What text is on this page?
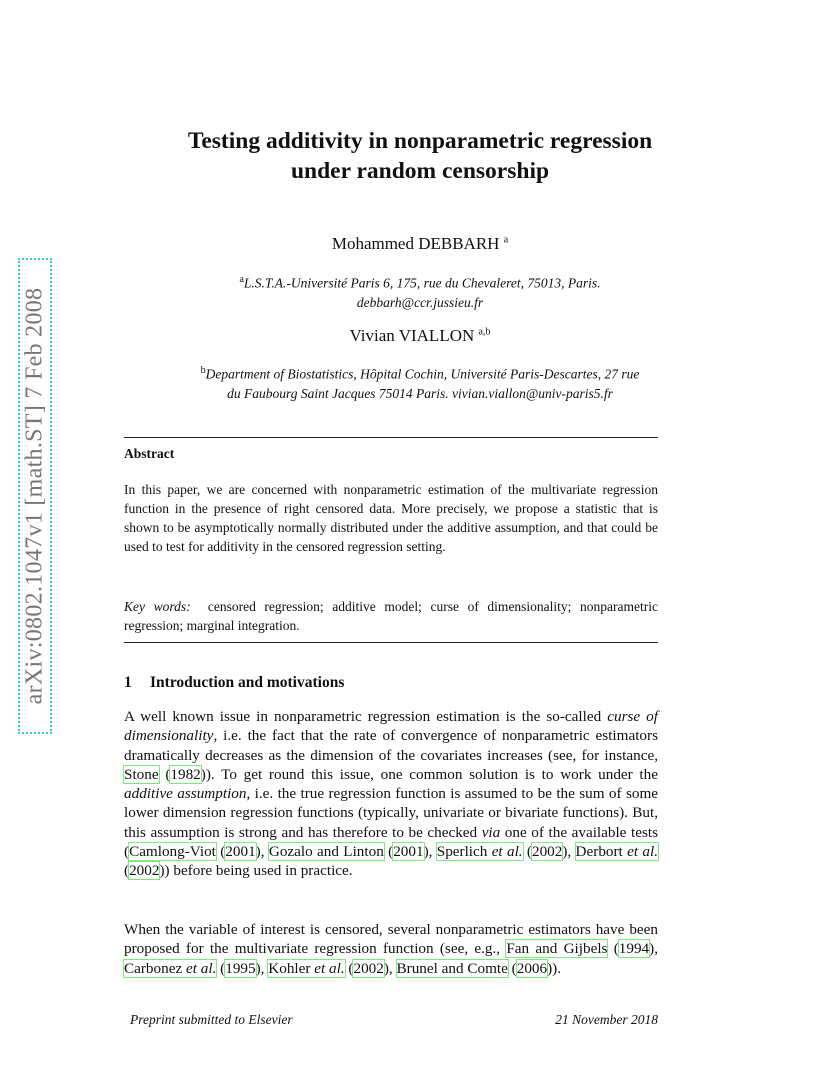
arXiv:0802.1047v1 [math.ST] 7 Feb 2008
Testing additivity in nonparametric regression
under random censorship
Mohammed DEBBARH $^a$
$^a$L.S.T.A.-Université Paris 6, 175, rue du Chevaleret, 75013, Paris.
debbarh@ccr.jussieu.fr
Vivian VIALLON $^{a,b}$
$^b$Department of Biostatistics, Hôpital Cochin, Université Paris-Descartes, 27 rue
du Faubourg Saint Jacques 75014 Paris. vivian.viallon@univ-paris5.fr
Abstract
In this paper, we are concerned with nonparametric estimation of the multivariate regression function in the presence of right censored data. More precisely, we propose a statistic that is shown to be asymptotically normally distributed under the additive assumption, and that could be used to test for additivity in the censored regression setting.
Key words: censored regression; additive model; curse of dimensionality; nonparametric regression; marginal integration.
1 Introduction and motivations
A well known issue in nonparametric regression estimation is the so-called curse of dimensionality, i.e. the fact that the rate of convergence of nonparametric estimators dramatically decreases as the dimension of the covariates increases (see, for instance, Stone (1982)). To get round this issue, one common solution is to work under the additive assumption, i.e. the true regression function is assumed to be the sum of some lower dimension regression functions (typically, univariate or bivariate functions). But, this assumption is strong and has therefore to be checked via one of the available tests (Camlong-Viot (2001), Gozalo and Linton (2001), Sperlich et al. (2002), Derbort et al. (2002)) before being used in practice.
When the variable of interest is censored, several nonparametric estimators have been proposed for the multivariate regression function (see, e.g., Fan and Gijbels (1994), Carbonez et al. (1995), Kohler et al. (2002), Brunel and Comte (2006)).
Preprint submitted to Elsevier	21 November 2018
